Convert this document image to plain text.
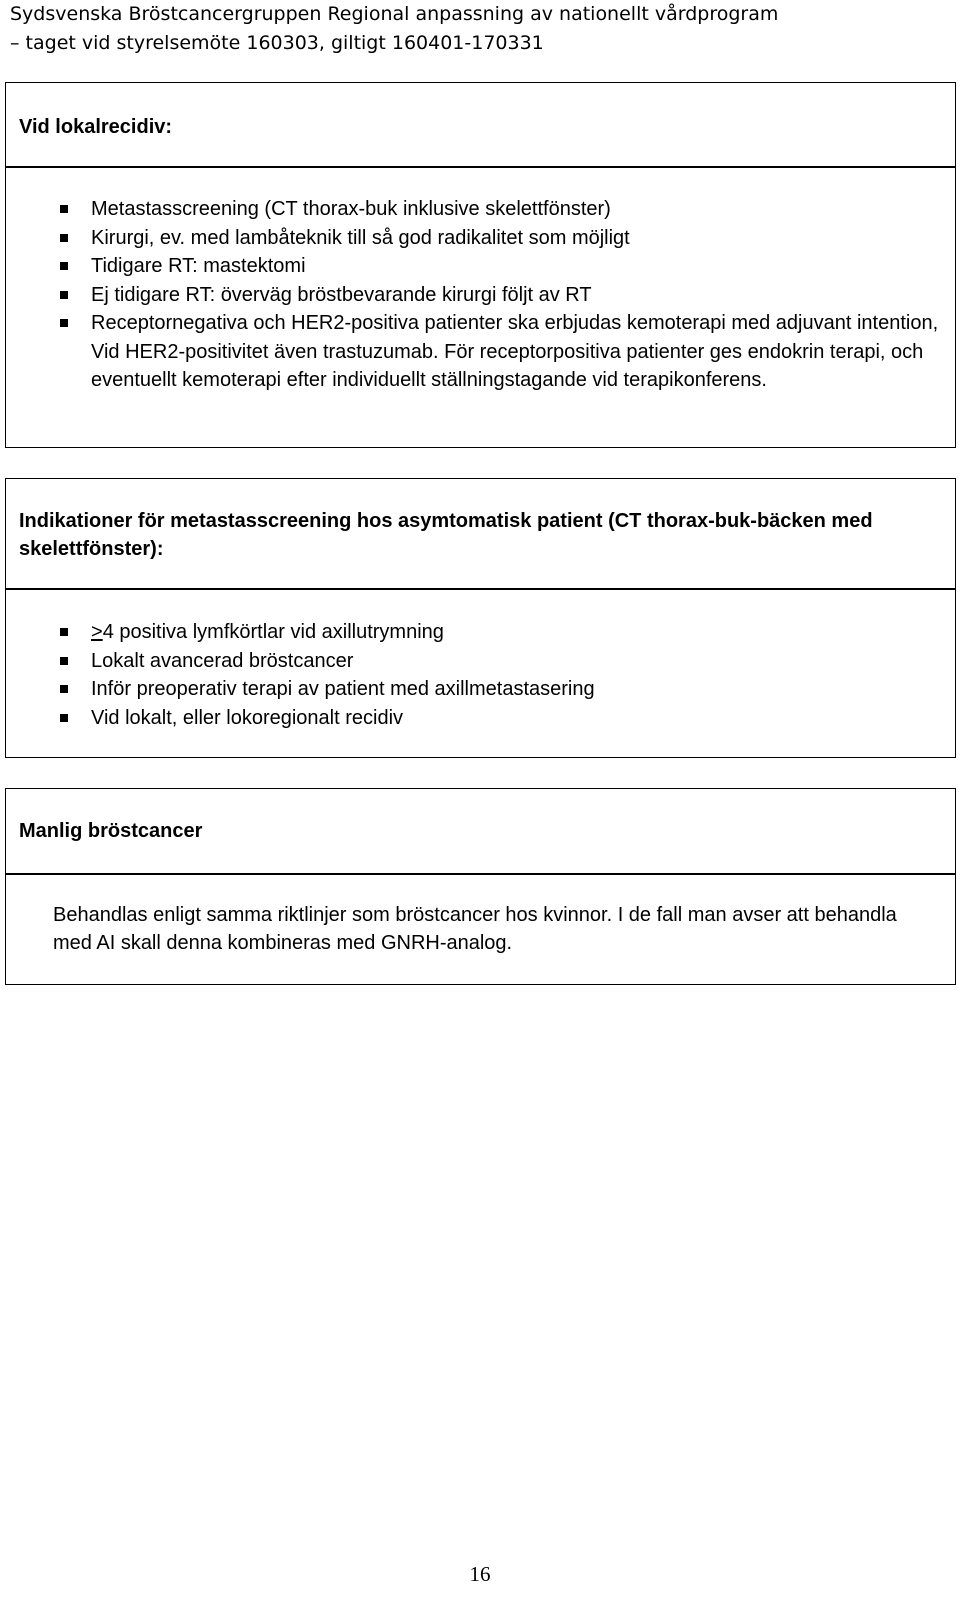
Sydsvenska Bröstcancergruppen Regional anpassning av nationellt vårdprogram
– taget vid styrelsemöte 160303, giltigt 160401-170331
Vid lokalrecidiv:
Metastasscreening (CT thorax-buk inklusive skelettfönster)
Kirurgi, ev. med lambåteknik till så god radikalitet som möjligt
Tidigare RT: mastektomi
Ej tidigare RT: överväg bröstbevarande kirurgi följt av RT
Receptornegativa och HER2-positiva patienter ska erbjudas kemoterapi med adjuvant intention, Vid HER2-positivitet även trastuzumab. För receptorpositiva patienter ges endokrin terapi, och eventuellt kemoterapi efter individuellt ställningstagande vid terapikonferens.
Indikationer för metastasscreening hos asymtomatisk patient (CT thorax-buk-bäcken med skelettfönster):
≥4 positiva lymfkörtlar vid axillutrymning
Lokalt avancerad bröstcancer
Inför preoperativ terapi av patient med axillmetastasering
Vid lokalt, eller lokoregionalt recidiv
Manlig bröstcancer

Behandlas enligt samma riktlinjer som bröstcancer hos kvinnor. I de fall man avser att behandla med AI skall denna kombineras med GNRH-analog.

16
